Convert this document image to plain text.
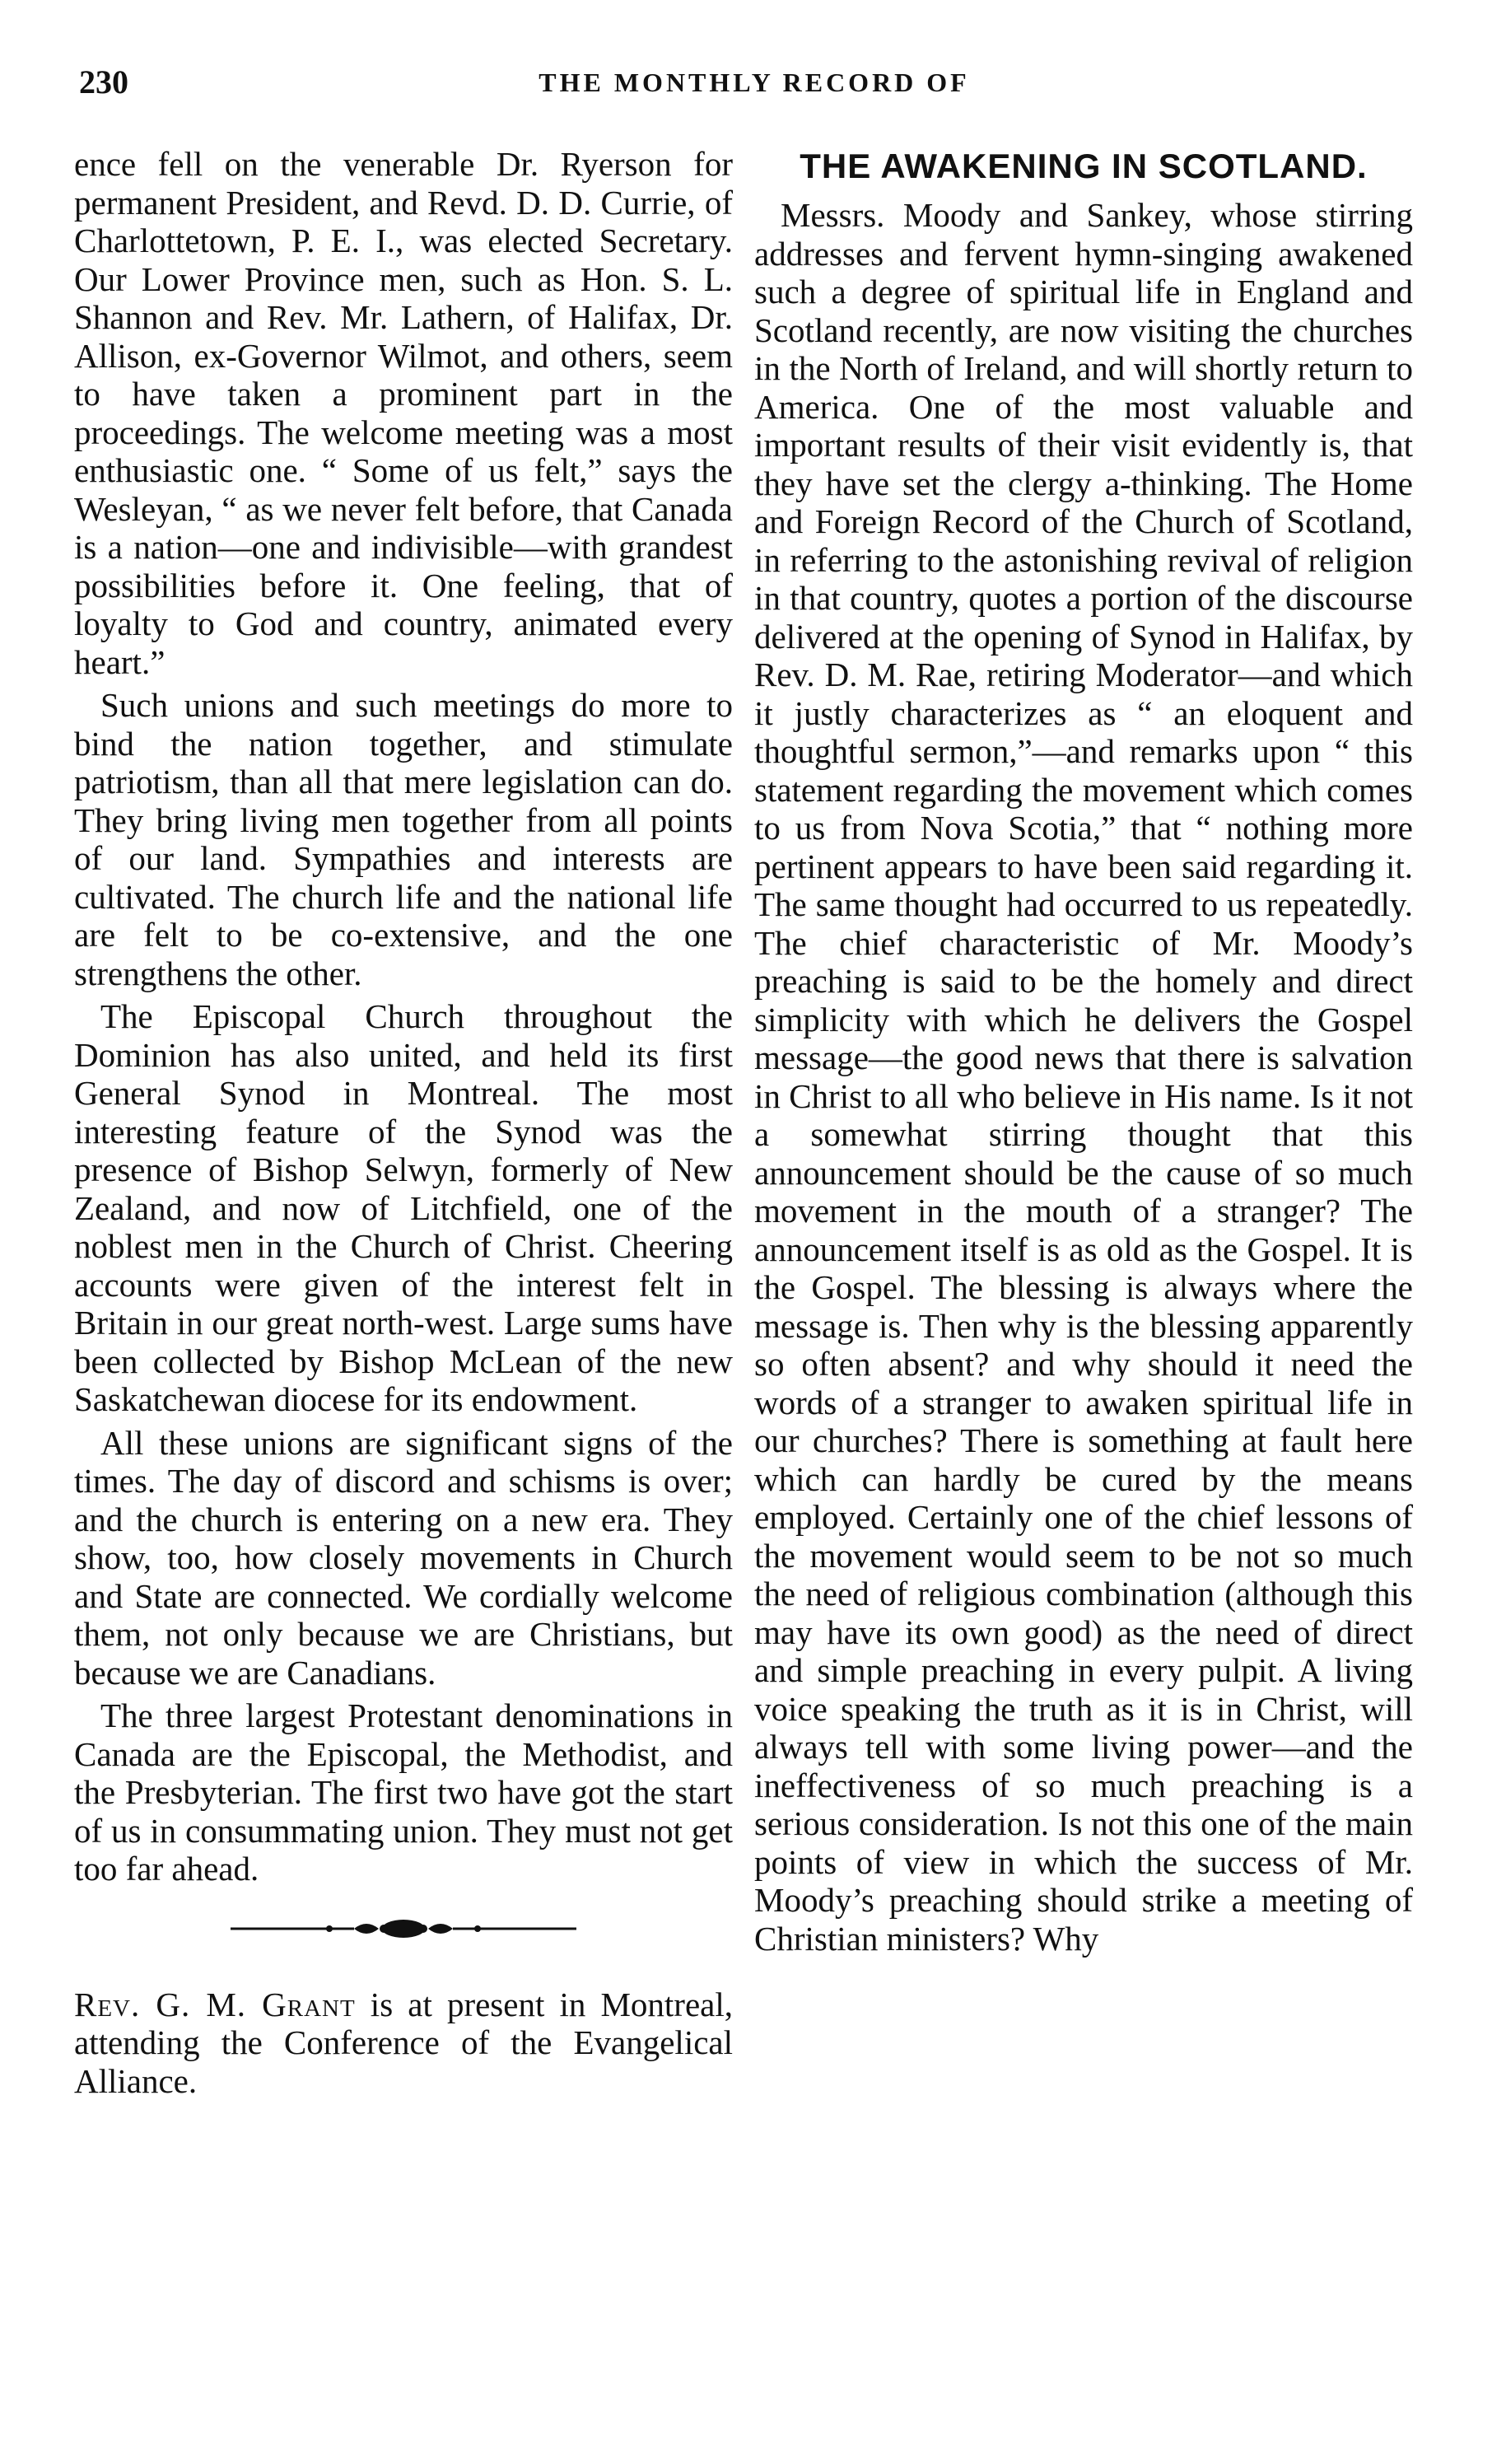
230	THE MONTHLY RECORD OF

ence fell on the venerable Dr. Ryerson for permanent President, and Revd. D. D. Currie, of Charlottetown, P. E. I., was elected Secretary. Our Lower Province men, such as Hon. S. L. Shannon and Rev. Mr. Lathern, of Halifax, Dr. Allison, ex-Governor Wilmot, and others, seem to have taken a prominent part in the proceedings. The welcome meeting was a most enthusiastic one. “ Some of us felt,” says the Wesleyan, “ as we never felt before, that Canada is a nation—one and indivisible—with grandest possibilities before it. One feeling, that of loyalty to God and country, animated every heart.”

Such unions and such meetings do more to bind the nation together, and stimulate patriotism, than all that mere legislation can do. They bring living men together from all points of our land. Sympathies and interests are cultivated. The church life and the national life are felt to be co-extensive, and the one strengthens the other.

The Episcopal Church throughout the Dominion has also united, and held its first General Synod in Montreal. The most interesting feature of the Synod was the presence of Bishop Selwyn, formerly of New Zealand, and now of Litchfield, one of the noblest men in the Church of Christ. Cheering accounts were given of the interest felt in Britain in our great north-west. Large sums have been collected by Bishop McLean of the new Saskatchewan diocese for its endowment.

All these unions are significant signs of the times. The day of discord and schisms is over; and the church is entering on a new era. They show, too, how closely movements in Church and State are connected. We cordially welcome them, not only because we are Christians, but because we are Canadians.

The three largest Protestant denominations in Canada are the Episcopal, the Methodist, and the Presbyterian. The first two have got the start of us in consummating union. They must not get too far ahead.

Rev. G. M. Grant is at present in Montreal, attending the Conference of the Evangelical Alliance.

THE AWAKENING IN SCOTLAND.

Messrs. Moody and Sankey, whose stirring addresses and fervent hymn-singing awakened such a degree of spiritual life in England and Scotland recently, are now visiting the churches in the North of Ireland, and will shortly return to America. One of the most valuable and important results of their visit evidently is, that they have set the clergy a-thinking. The Home and Foreign Record of the Church of Scotland, in referring to the astonishing revival of religion in that country, quotes a portion of the discourse delivered at the opening of Synod in Halifax, by Rev. D. M. Rae, retiring Moderator—and which it justly characterizes as “ an eloquent and thoughtful sermon,”—and remarks upon “ this statement regarding the movement which comes to us from Nova Scotia,” that “ nothing more pertinent appears to have been said regarding it. The same thought had occurred to us repeatedly. The chief characteristic of Mr. Moody’s preaching is said to be the homely and direct simplicity with which he delivers the Gospel message—the good news that there is salvation in Christ to all who believe in His name. Is it not a somewhat stirring thought that this announcement should be the cause of so much movement in the mouth of a stranger? The announcement itself is as old as the Gospel. It is the Gospel. The blessing is always where the message is. Then why is the blessing apparently so often absent? and why should it need the words of a stranger to awaken spiritual life in our churches? There is something at fault here which can hardly be cured by the means employed. Certainly one of the chief lessons of the movement would seem to be not so much the need of religious combination (although this may have its own good) as the need of direct and simple preaching in every pulpit. A living voice speaking the truth as it is in Christ, will always tell with some living power—and the ineffectiveness of so much preaching is a serious consideration. Is not this one of the main points of view in which the success of Mr. Moody’s preaching should strike a meeting of Christian ministers? Why
